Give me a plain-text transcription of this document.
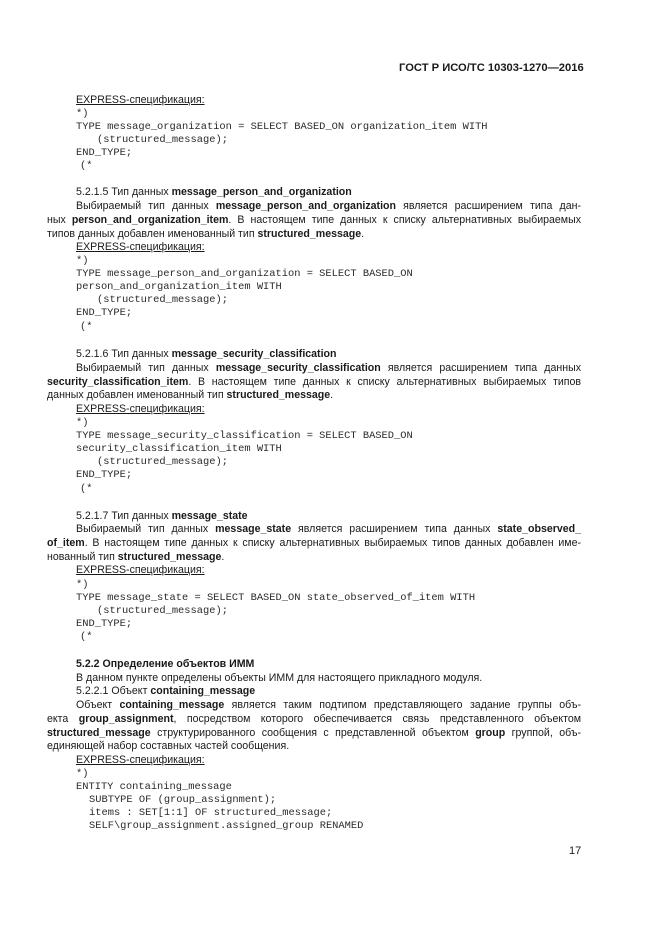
ГОСТ Р ИСО/ТС 10303-1270—2016
EXPRESS-спецификация:
*)
TYPE message_organization = SELECT BASED_ON organization_item WITH
(structured_message);
END_TYPE;
(*
5.2.1.5 Тип данных message_person_and_organization
Выбираемый тип данных message_person_and_organization является расширением типа дан-
ных person_and_organization_item. В настоящем типе данных к списку альтернативных выбираемых
типов данных добавлен именованный тип structured_message.
EXPRESS-спецификация:
*)
TYPE message_person_and_organization = SELECT BASED_ON
person_and_organization_item WITH
(structured_message);
END_TYPE;
(*
5.2.1.6 Тип данных message_security_classification
Выбираемый тип данных message_security_classification является расширением типа данных
security_classification_item. В настоящем типе данных к списку альтернативных выбираемых типов
данных добавлен именованный тип structured_message.
EXPRESS-спецификация:
*)
TYPE message_security_classification = SELECT BASED_ON
security_classification_item WITH
(structured_message);
END_TYPE;
(*
5.2.1.7 Тип данных message_state
Выбираемый тип данных message_state является расширением типа данных state_observed_
of_item. В настоящем типе данных к списку альтернативных выбираемых типов данных добавлен име-
нованный тип structured_message.
EXPRESS-спецификация:
*)
TYPE message_state = SELECT BASED_ON state_observed_of_item WITH
(structured_message);
END_TYPE;
(*
5.2.2 Определение объектов ИММ
В данном пункте определены объекты ИММ для настоящего прикладного модуля.
5.2.2.1 Объект containing_message
Объект containing_message является таким подтипом представляющего задание группы объ-
екта group_assignment, посредством которого обеспечивается связь представленного объектом
structured_message структурированного сообщения с представленной объектом group группой, объ-
единяющей набор составных частей сообщения.
EXPRESS-спецификация:
*)
ENTITY containing_message
SUBTYPE OF (group_assignment);
items : SET[1:1] OF structured_message;
SELF\group_assignment.assigned_group RENAMED
17
